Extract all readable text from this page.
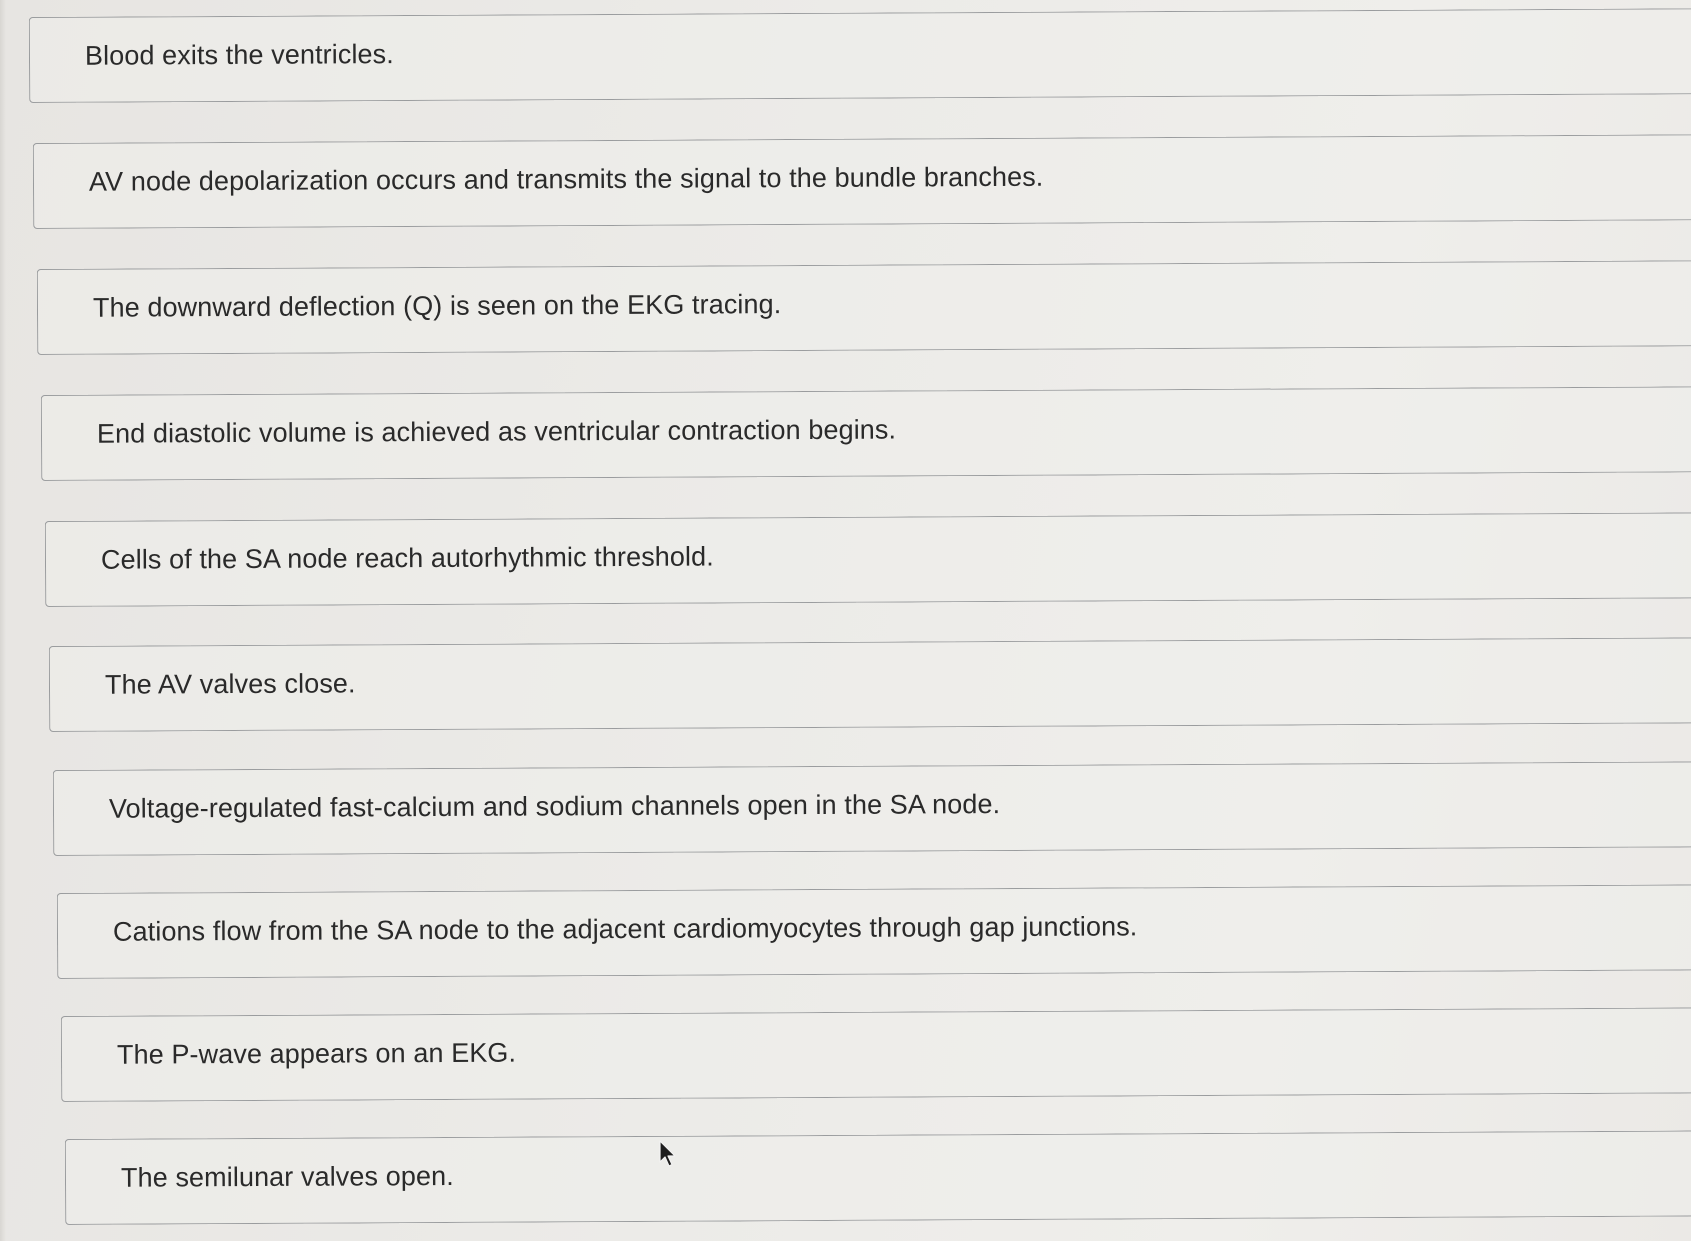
Blood exits the ventricles.
AV node depolarization occurs and transmits the signal to the bundle branches.
The downward deflection (Q) is seen on the EKG tracing.
End diastolic volume is achieved as ventricular contraction begins.
Cells of the SA node reach autorhythmic threshold.
The AV valves close.
Voltage-regulated fast-calcium and sodium channels open in the SA node.
Cations flow from the SA node to the adjacent cardiomyocytes through gap junctions.
The P-wave appears on an EKG.
The semilunar valves open.
